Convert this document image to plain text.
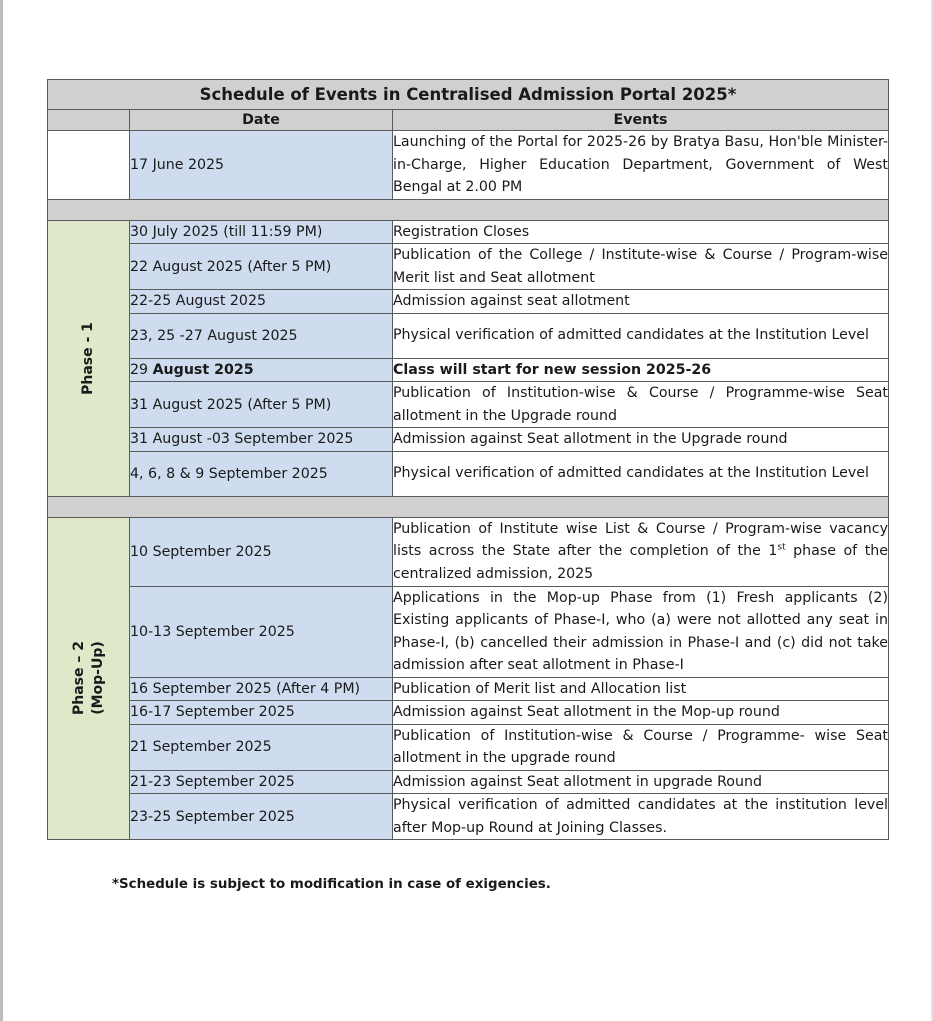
Schedule of Events in Centralised Admission Portal 2025*		
	Date	Events
	17 June 2025	Launching of the Portal for 2025-26 by Bratya Basu, Hon'ble Minister-in-Charge, Higher Education Department, Government of West Bengal at 2.00 PM

Phase - 1	30 July 2025 (till 11:59 PM)	Registration Closes
	22 August 2025 (After 5 PM)	Publication of the College / Institute-wise & Course / Program-wise Merit list and Seat allotment
	22-25 August 2025	Admission against seat allotment
	23, 25 -27 August 2025	Physical verification of admitted candidates at the Institution Level
	29 August 2025	Class will start for new session 2025-26
	31 August 2025 (After 5 PM)	Publication of Institution-wise & Course / Programme-wise Seat allotment in the Upgrade round
	31 August -03 September 2025	Admission against Seat allotment in the Upgrade round
	4, 6, 8 & 9 September 2025	Physical verification of admitted candidates at the Institution Level

Phase – 2 (Mop-Up)	10 September 2025	Publication of Institute wise List & Course / Program-wise vacancy lists across the State after the completion of the 1st phase of the centralized admission, 2025
	10-13 September 2025	Applications in the Mop-up Phase from (1) Fresh applicants (2) Existing applicants of Phase-I, who (a) were not allotted any seat in Phase-I, (b) cancelled their admission in Phase-I and (c) did not take admission after seat allotment in Phase-I
	16 September 2025 (After 4 PM)	Publication of Merit list and Allocation list
	16-17 September 2025	Admission against Seat allotment in the Mop-up round
	21 September 2025	Publication of Institution-wise & Course / Programme- wise Seat allotment in the upgrade round
	21-23 September 2025	Admission against Seat allotment in upgrade Round
	23-25 September 2025	Physical verification of admitted candidates at the institution level after Mop-up Round at Joining Classes.
*Schedule is subject to modification in case of exigencies.
